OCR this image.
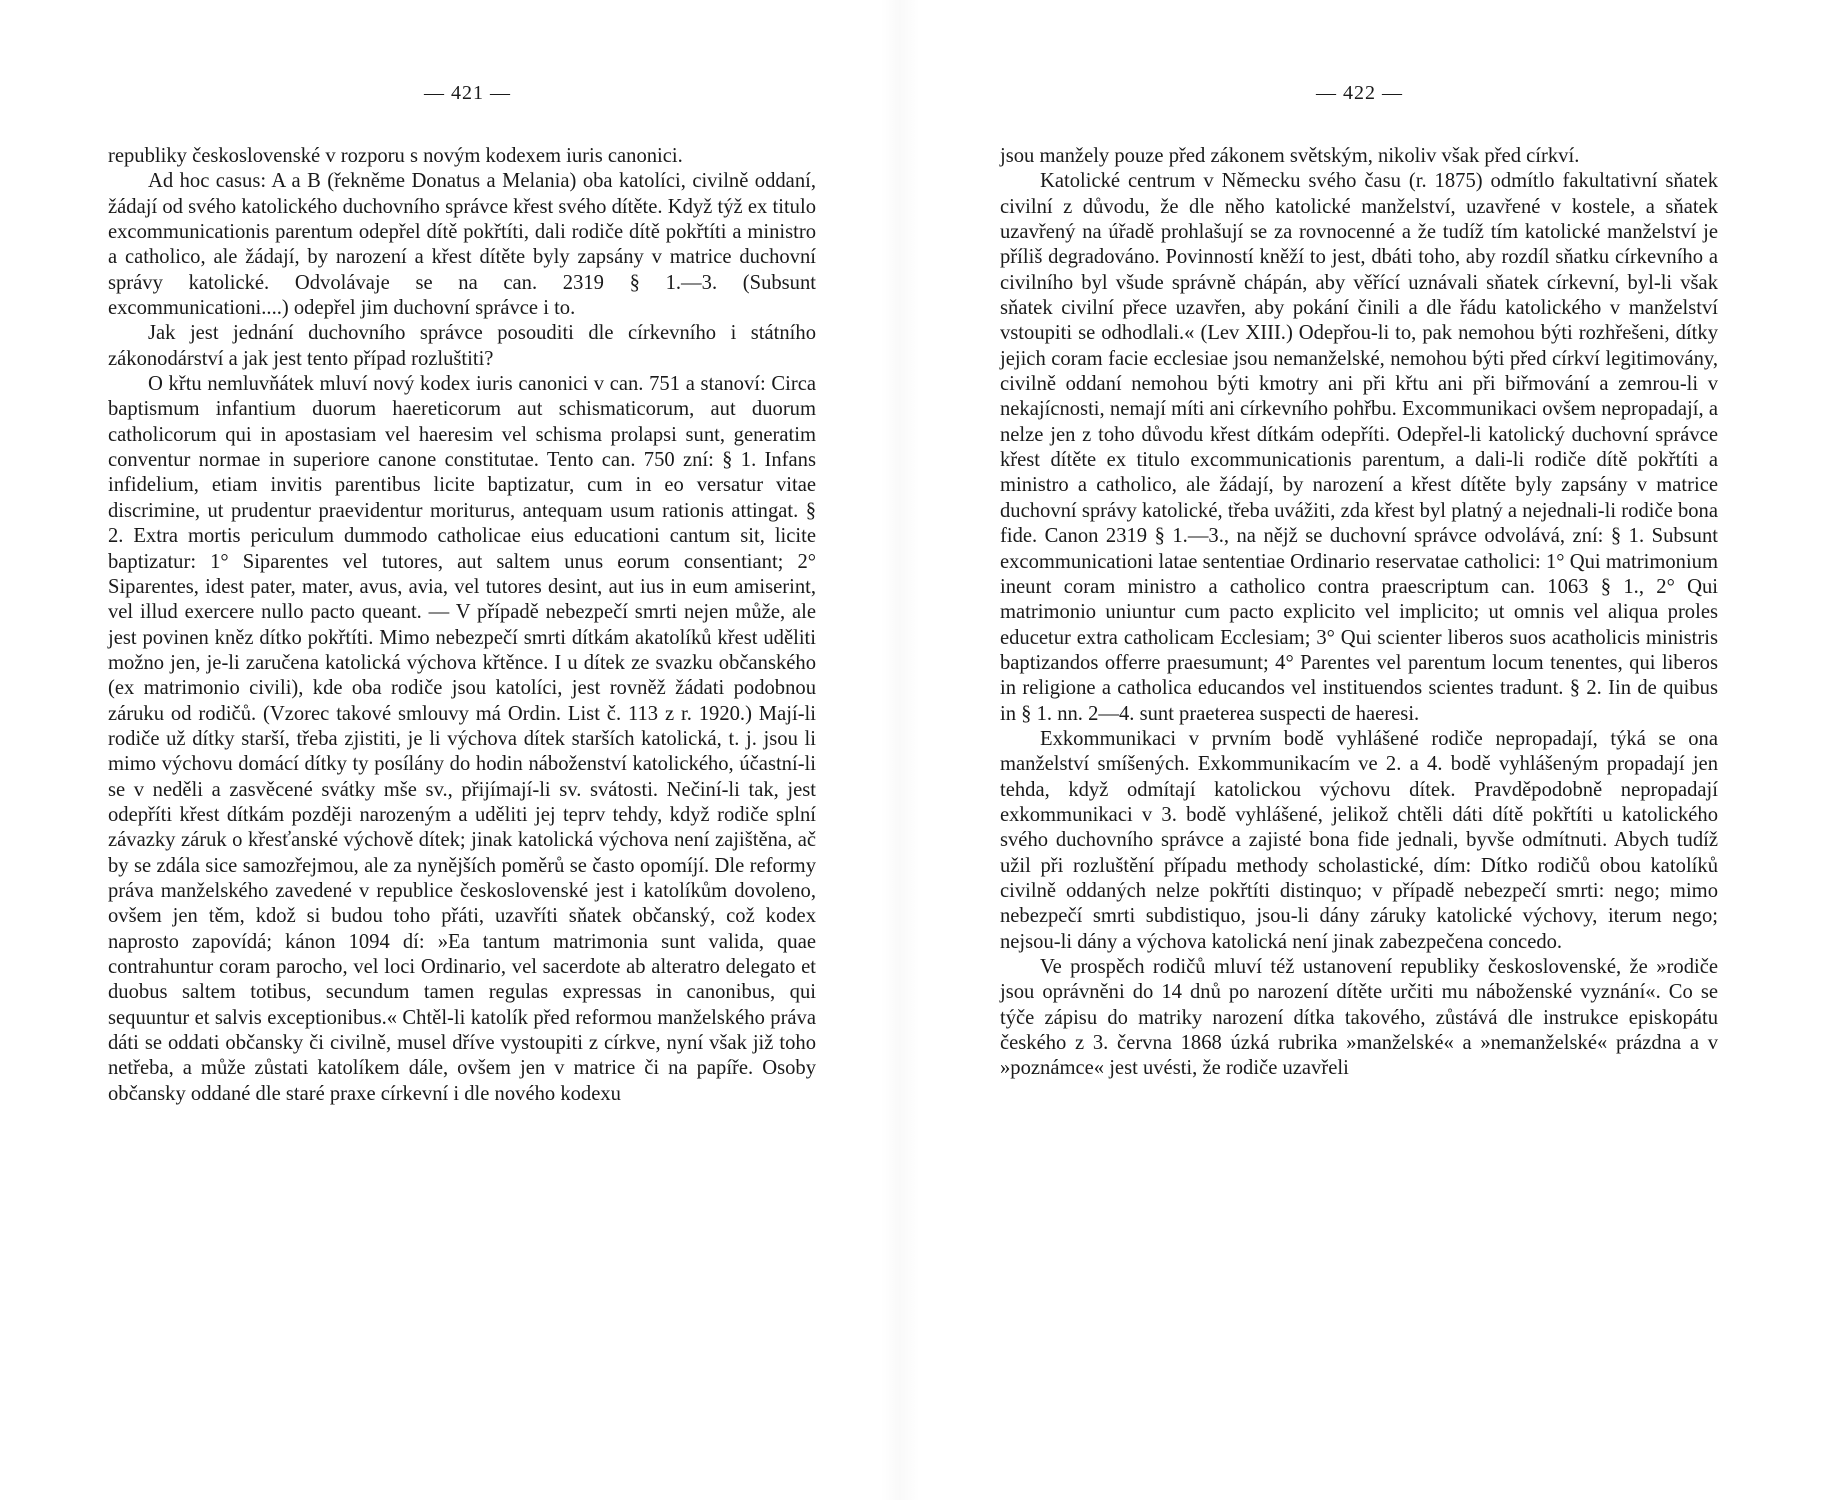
— 421 —

republiky československé v rozporu s novým kodexem iuris canonici.

Ad hoc casus: A a B (řekněme Donatus a Melania) oba katolíci, civilně oddaní, žádají od svého katolického duchovního správce křest svého dítěte. Když týž ex titulo excommunicationis parentum odepřel dítě pokřtíti, dali rodiče dítě pokřtíti a ministro a catholico, ale žádají, by narození a křest dítěte byly zapsány v matrice duchovní správy katolické. Odvolávaje se na can. 2319 § 1.—3. (Subsunt excommunicationi....) odepřel jim duchovní správce i to.

Jak jest jednání duchovního správce posouditi dle církevního i státního zákonodárství a jak jest tento případ rozluštiti?

O křtu nemluvňátek mluví nový kodex iuris canonici v can. 751 a stanoví: Circa baptismum infantium duorum haereticorum aut schismaticorum, aut duorum catholicorum qui in apostasiam vel haeresim vel schisma prolapsi sunt, generatim conventur normae in superiore canone constitutae. Tento can. 750 zní: § 1. Infans infidelium, etiam invitis parentibus licite baptizatur, cum in eo versatur vitae discrimine, ut prudentur praevidentur moriturus, antequam usum rationis attingat. § 2. Extra mortis periculum dummodo catholicae eius educationi cantum sit, licite baptizatur: 1° Siparentes vel tutores, aut saltem unus eorum consentiant; 2° Siparentes, idest pater, mater, avus, avia, vel tutores desint, aut ius in eum amiserint, vel illud exercere nullo pacto queant. — V případě nebezpečí smrti nejen může, ale jest povinen kněz dítko pokřtíti. Mimo nebezpečí smrti dítkám akatolíků křest uděliti možno jen, je-li zaručena katolická výchova křtěnce. I u dítek ze svazku občanského (ex matrimonio civili), kde oba rodiče jsou katolíci, jest rovněž žádati podobnou záruku od rodičů. (Vzorec takové smlouvy má Ordin. List č. 113 z r. 1920.) Mají-li rodiče už dítky starší, třeba zjistiti, je li výchova dítek starších katolická, t. j. jsou li mimo výchovu domácí dítky ty posílány do hodin náboženství katolického, účastní-li se v neděli a zasvěcené svátky mše sv., přijímají-li sv. svátosti. Nečiní-li tak, jest odepříti křest dítkám později narozeným a uděliti jej teprv tehdy, když rodiče splní závazky záruk o křesťanské výchově dítek; jinak katolická výchova není zajištěna, ač by se zdála sice samozřejmou, ale za nynějších poměrů se často opomíjí. Dle reformy práva manželského zavedené v republice československé jest i katolíkům dovoleno, ovšem jen těm, kdož si budou toho přáti, uzavříti sňatek občanský, což kodex naprosto zapovídá; kánon 1094 dí: »Ea tantum matrimonia sunt valida, quae contrahuntur coram parocho, vel loci Ordinario, vel sacerdote ab alteratro delegato et duobus saltem totibus, secundum tamen regulas expressas in canonibus, qui sequuntur et salvis exceptionibus.« Chtěl-li katolík před reformou manželského práva dáti se oddati občansky či civilně, musel dříve vystoupiti z církve, nyní však již toho netřeba, a může zůstati katolíkem dále, ovšem jen v matrice či na papíře. Osoby občansky oddané dle staré praxe církevní i dle nového kodexu

— 422 —

jsou manžely pouze před zákonem světským, nikoliv však před církví.

Katolické centrum v Německu svého času (r. 1875) odmítlo fakultativní sňatek civilní z důvodu, že dle něho katolické manželství, uzavřené v kostele, a sňatek uzavřený na úřadě prohlašují se za rovnocenné a že tudíž tím katolické manželství je příliš degradováno. Povinností kněží to jest, dbáti toho, aby rozdíl sňatku církevního a civilního byl všude správně chápán, aby věřící uznávali sňatek církevní, byl-li však sňatek civilní přece uzavřen, aby pokání činili a dle řádu katolického v manželství vstoupiti se odhodlali.« (Lev XIII.) Odepřou-li to, pak nemohou býti rozhřešeni, dítky jejich coram facie ecclesiae jsou nemanželské, nemohou býti před církví legitimovány, civilně oddaní nemohou býti kmotry ani při křtu ani při biřmování a zemrou-li v nekajícnosti, nemají míti ani církevního pohřbu. Excommunikaci ovšem nepropadají, a nelze jen z toho důvodu křest dítkám odepříti. Odepřel-li katolický duchovní správce křest dítěte ex titulo excommunicationis parentum, a dali-li rodiče dítě pokřtíti a ministro a catholico, ale žádají, by narození a křest dítěte byly zapsány v matrice duchovní správy katolické, třeba uvážiti, zda křest byl platný a nejednali-li rodiče bona fide. Canon 2319 § 1.—3., na nějž se duchovní správce odvolává, zní: § 1. Subsunt excommunicationi latae sententiae Ordinario reservatae catholici: 1° Qui matrimonium ineunt coram ministro a catholico contra praescriptum can. 1063 § 1., 2° Qui matrimonio uniuntur cum pacto explicito vel implicito; ut omnis vel aliqua proles educetur extra catholicam Ecclesiam; 3° Qui scienter liberos suos acatholicis ministris baptizandos offerre praesumunt; 4° Parentes vel parentum locum tenentes, qui liberos in religione a catholica educandos vel instituendos scientes tradunt. § 2. Iin de quibus in § 1. nn. 2—4. sunt praeterea suspecti de haeresi.

Exkommunikaci v prvním bodě vyhlášené rodiče nepropadají, týká se ona manželství smíšených. Exkommunikacím ve 2. a 4. bodě vyhlášeným propadají jen tehda, když odmítají katolickou výchovu dítek. Pravděpodobně nepropadají exkommunikaci v 3. bodě vyhlášené, jelikož chtěli dáti dítě pokřtíti u katolického svého duchovního správce a zajisté bona fide jednali, byvše odmítnuti. Abych tudíž užil při rozluštění případu methody scholastické, dím: Dítko rodičů obou katolíků civilně oddaných nelze pokřtíti distinquo; v případě nebezpečí smrti: nego; mimo nebezpečí smrti subdistiquo, jsou-li dány záruky katolické výchovy, iterum nego; nejsou-li dány a výchova katolická není jinak zabezpečena concedo.

Ve prospěch rodičů mluví též ustanovení republiky československé, že »rodiče jsou oprávněni do 14 dnů po narození dítěte určiti mu náboženské vyznání«. Co se týče zápisu do matriky narození dítka takového, zůstává dle instrukce episkopátu českého z 3. června 1868 úzká rubrika »manželské« a »nemanželské« prázdna a v »poznámce« jest uvésti, že rodiče uzavřeli
